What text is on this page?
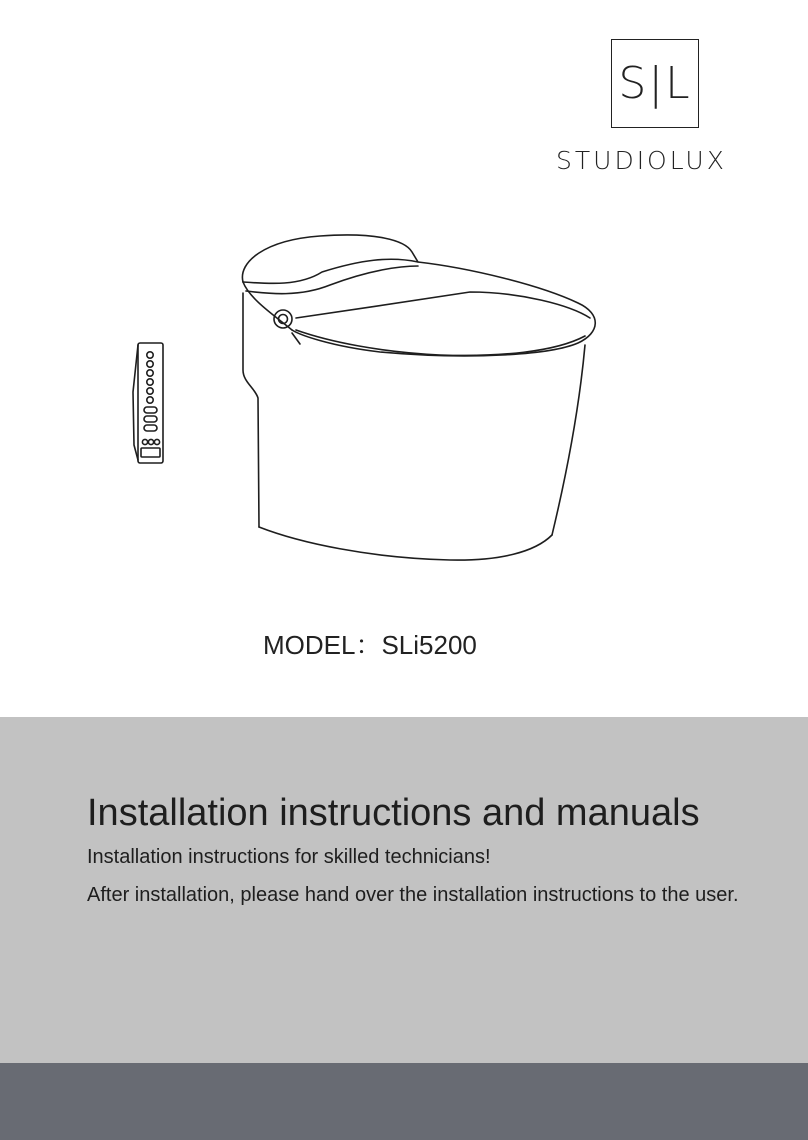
S|L
STUDIOLUX
MODEL：SLi5200
Installation instructions and manuals
Installation instructions for skilled technicians!
After installation, please hand over the installation instructions to the user.
